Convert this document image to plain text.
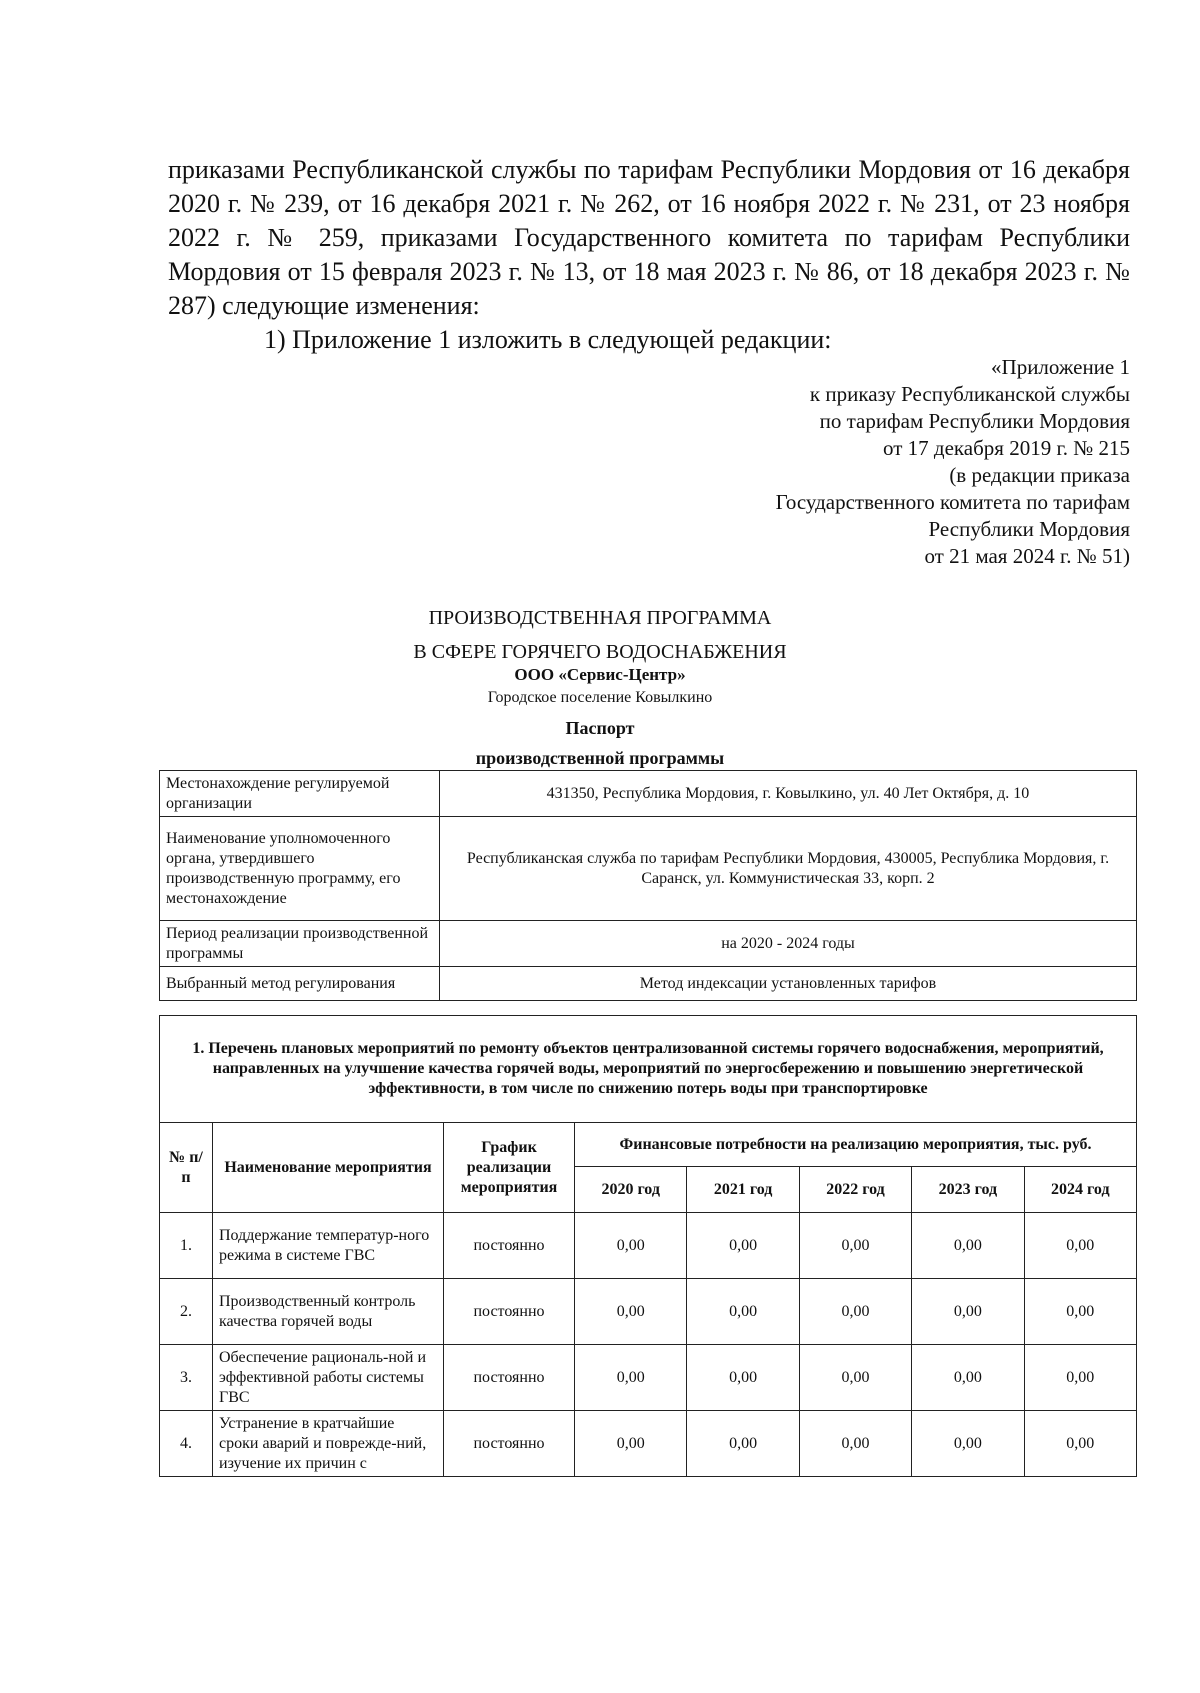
приказами Республиканской службы по тарифам Республики Мордовия от 16 декабря 2020 г. № 239, от 16 декабря 2021 г. № 262, от 16 ноября 2022 г. № 231, от 23 ноября 2022 г. № 259, приказами Государственного комитета по тарифам Республики Мордовия от 15 февраля 2023 г. № 13, от 18 мая 2023 г. № 86, от 18 декабря 2023 г. № 287) следующие изменения:

1) Приложение 1 изложить в следующей редакции:

«Приложение 1
к приказу Республиканской службы
по тарифам Республики Мордовия
от 17 декабря 2019 г. № 215
(в редакции приказа
Государственного комитета по тарифам
Республики Мордовия
от 21 мая 2024 г. № 51)
ПРОИЗВОДСТВЕННАЯ ПРОГРАММА
В СФЕРЕ ГОРЯЧЕГО ВОДОСНАБЖЕНИЯ
ООО «Сервис-Центр»
Городское поселение Ковылкино
Паспорт
производственной программы
Местонахождение регулируемой организации	431350, Республика Мордовия, г. Ковылкино, ул. 40 Лет Октября, д. 10
Наименование уполномоченного органа, утвердившего производственную программу, его местонахождение	Республиканская служба по тарифам Республики Мордовия, 430005, Республика Мордовия, г. Саранск, ул. Коммунистическая 33, корп. 2
Период реализации производственной программы	на 2020 - 2024 годы
Выбранный метод регулирования	Метод индексации установленных тарифов
1. Перечень плановых мероприятий по ремонту объектов централизованной системы горячего водоснабжения, мероприятий, направленных на улучшение качества горячей воды, мероприятий по энергосбережению и повышению энергетической эффективности, в том числе по снижению потерь воды при транспортировке							
№ п/п	Наименование мероприятия	График реализации мероприятия	Финансовые потребности на реализацию мероприятия, тыс. руб.				
			2020 год	2021 год	2022 год	2023 год	2024 год
1.	Поддержание температур-ного режима в системе ГВС	постоянно	0,00	0,00	0,00	0,00	0,00
2.	Производственный контроль качества горячей воды	постоянно	0,00	0,00	0,00	0,00	0,00
3.	Обеспечение рациональ-ной и эффективной работы системы ГВС	постоянно	0,00	0,00	0,00	0,00	0,00
4.	Устранение в кратчайшие сроки аварий и поврежде-ний, изучение их причин с	постоянно	0,00	0,00	0,00	0,00	0,00
